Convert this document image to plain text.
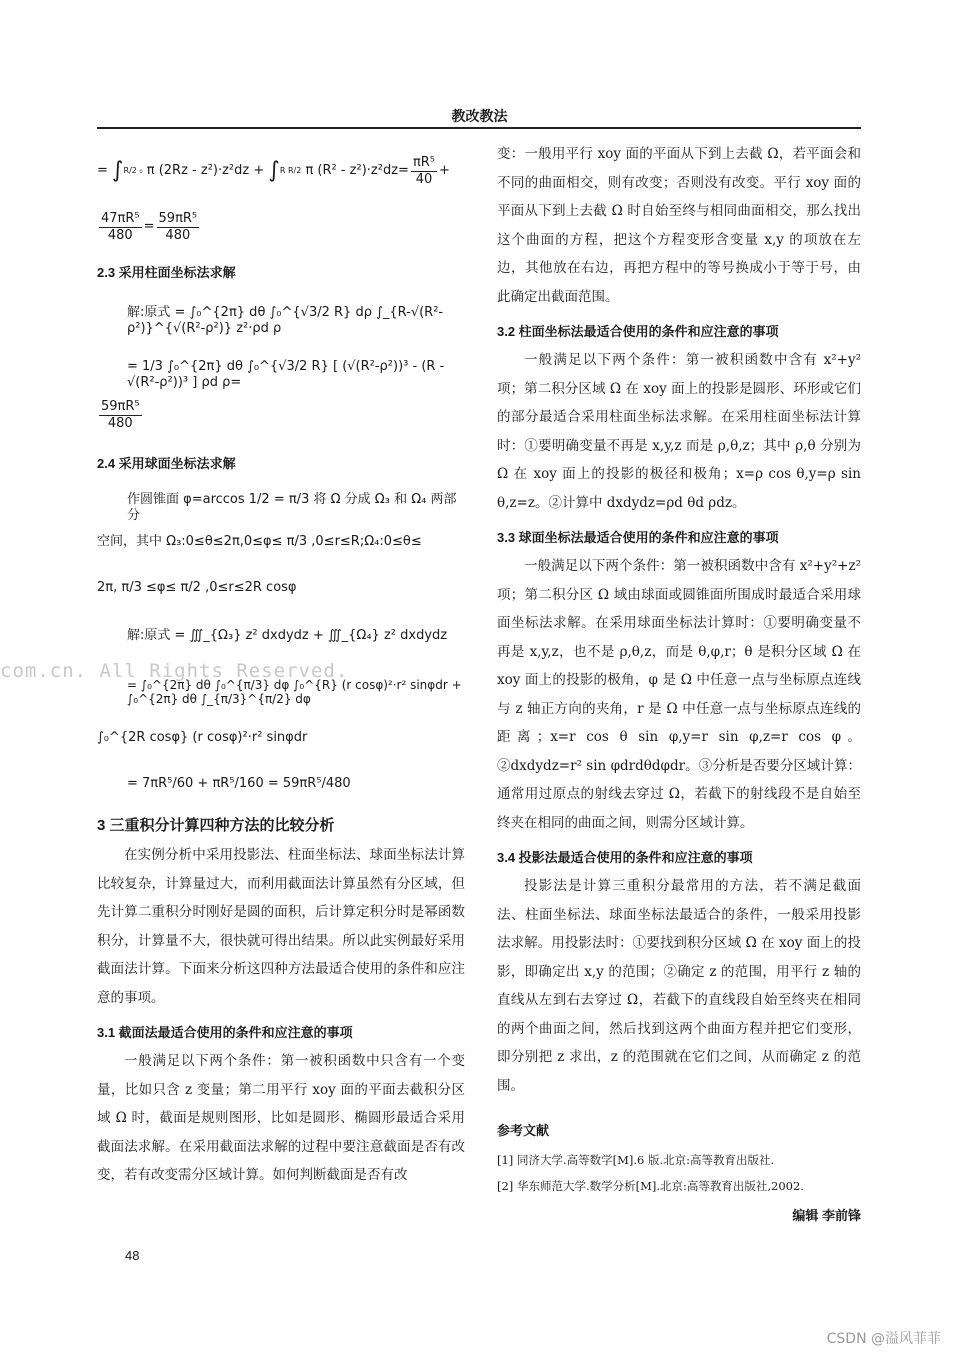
教改教法
=
∫ R/2 ₀
π (2Rz - z²)·z²dz +
∫ R R/2
π $(R^2 - z^2)\cdot z^2dz= \frac{\text{πR⁵}}{40}$ +
$\frac{\text{47πR⁵}}{480} = \frac{\text{59πR⁵}}{480}$
2.3 采用柱面坐标法求解
解:原式 = ∫₀^{2π} dθ ∫₀^{√3/2 R} dρ ∫_{R-√(R²-ρ²)}^{√(R²-ρ²)} z²·ρd ρ
= 1/3 ∫₀^{2π} dθ ∫₀^{√3/2 R} [ (√(R²-ρ²))³ - (R - √(R²-ρ²))³ ] ρd ρ=
$\frac{\text{59πR⁵}}{480}$
2.4 采用球面坐标法求解
作圆锥面 φ=arccos 1/2 = π/3 将 Ω 分成 Ω₃ 和 Ω₄ 两部分
空间，其中 Ω₃:0≤θ≤2π,0≤φ≤ π/3 ,0≤r≤R;Ω₄:0≤θ≤
2π, π/3 ≤φ≤ π/2 ,0≤r≤2R cosφ
解:原式 = ∭_{Ω₃} z² dxdydz + ∭_{Ω₄} z² dxdydz
= ∫₀^{2π} dθ ∫₀^{π/3} dφ ∫₀^{R} (r cosφ)²·r² sinφdr + ∫₀^{2π} dθ ∫_{π/3}^{π/2} dφ
∫₀^{2R cosφ} (r cosφ)²·r² sinφdr
= 7πR⁵/60 + πR⁵/160 = 59πR⁵/480
3 三重积分计算四种方法的比较分析
在实例分析中采用投影法、柱面坐标法、球面坐标法计算比较复杂，计算量过大，而利用截面法计算虽然有分区域，但先计算二重积分时刚好是圆的面积，后计算定积分时是幂函数积分，计算量不大，很快就可得出结果。所以此实例最好采用截面法计算。下面来分析这四种方法最适合使用的条件和应注意的事项。
3.1 截面法最适合使用的条件和应注意的事项
一般满足以下两个条件：第一被积函数中只含有一个变量，比如只含 z 变量；第二用平行 xoy 面的平面去截积分区域 Ω 时，截面是规则图形，比如是圆形、椭圆形最适合采用截面法求解。在采用截面法求解的过程中要注意截面是否有改变，若有改变需分区域计算。如何判断截面是否有改
变：一般用平行 xoy 面的平面从下到上去截 Ω，若平面会和不同的曲面相交，则有改变；否则没有改变。平行 xoy 面的平面从下到上去截 Ω 时自始至终与相同曲面相交，那么找出这个曲面的方程，把这个方程变形含变量 x,y 的项放在左边，其他放在右边，再把方程中的等号换成小于等于号，由此确定出截面范围。
3.2 柱面坐标法最适合使用的条件和应注意的事项
一般满足以下两个条件：第一被积函数中含有 x²+y² 项；第二积分区域 Ω 在 xoy 面上的投影是圆形、环形或它们的部分最适合采用柱面坐标法求解。在采用柱面坐标法计算时：①要明确变量不再是 x,y,z 而是 ρ,θ,z；其中 ρ,θ 分别为 Ω 在 xoy 面上的投影的极径和极角；x=ρ cos θ,y=ρ sin θ,z=z。②计算中 dxdydz=ρd θd ρdz。
3.3 球面坐标法最适合使用的条件和应注意的事项
一般满足以下两个条件：第一被积函数中含有 x²+y²+z² 项；第二积分区 Ω 域由球面或圆锥面所围成时最适合采用球面坐标法求解。在采用球面坐标法计算时：①要明确变量不再是 x,y,z，也不是 ρ,θ,z，而是 θ,φ,r；θ 是积分区域 Ω 在 xoy 面上的投影的极角，φ 是 Ω 中任意一点与坐标原点连线与 z 轴正方向的夹角，r 是 Ω 中任意一点与坐标原点连线的距离；x=r cos θ sin φ,y=r sin φ,z=r cos φ。②dxdydz=r² sin φdrdθdφdr。③分析是否要分区域计算：通常用过原点的射线去穿过 Ω，若截下的射线段不是自始至终夹在相同的曲面之间，则需分区域计算。
3.4 投影法最适合使用的条件和应注意的事项
投影法是计算三重积分最常用的方法，若不满足截面法、柱面坐标法、球面坐标法最适合的条件，一般采用投影法求解。用投影法时：①要找到积分区域 Ω 在 xoy 面上的投影，即确定出 x,y 的范围；②确定 z 的范围，用平行 z 轴的直线从左到右去穿过 Ω，若截下的直线段自始至终夹在相同的两个曲面之间，然后找到这两个曲面方程并把它们变形，即分别把 z 求出，z 的范围就在它们之间，从而确定 z 的范围。
参考文献
[1] 同济大学.高等数学[M].6 版.北京:高等教育出版社.
[2] 华东师范大学.数学分析[M].北京:高等教育出版社,2002.
编辑 李前锋
48
com.cn. All Rights Reserved.
CSDN @溢风菲菲
